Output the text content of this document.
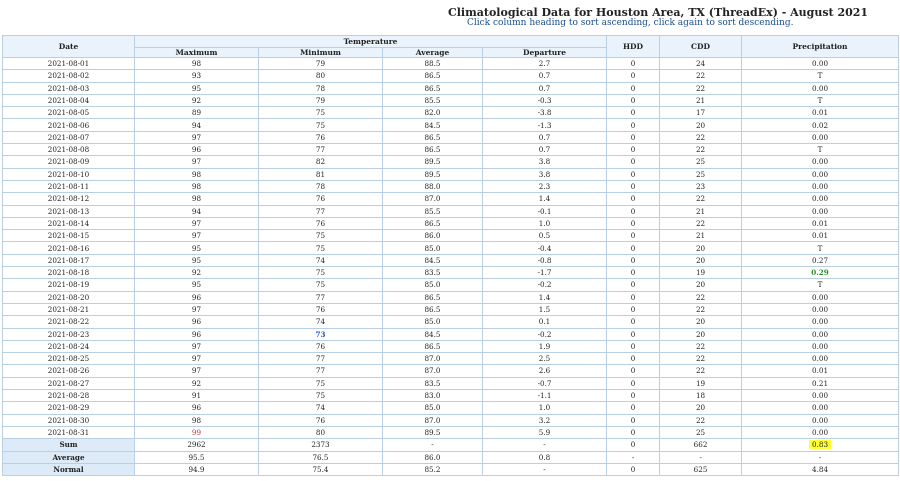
Climatological Data for Houston Area, TX (ThreadEx) - August 2021
Click column heading to sort ascending, click again to sort descending.
Date	Temperature				HDD	CDD	Precipitation
	Maximum	Minimum	Average	Departure			
2021-08-01	98	79	88.5	2.7	0	24	0.00
2021-08-02	93	80	86.5	0.7	0	22	T
2021-08-03	95	78	86.5	0.7	0	22	0.00
2021-08-04	92	79	85.5	-0.3	0	21	T
2021-08-05	89	75	82.0	-3.8	0	17	0.01
2021-08-06	94	75	84.5	-1.3	0	20	0.02
2021-08-07	97	76	86.5	0.7	0	22	0.00
2021-08-08	96	77	86.5	0.7	0	22	T
2021-08-09	97	82	89.5	3.8	0	25	0.00
2021-08-10	98	81	89.5	3.8	0	25	0.00
2021-08-11	98	78	88.0	2.3	0	23	0.00
2021-08-12	98	76	87.0	1.4	0	22	0.00
2021-08-13	94	77	85.5	-0.1	0	21	0.00
2021-08-14	97	76	86.5	1.0	0	22	0.01
2021-08-15	97	75	86.0	0.5	0	21	0.01
2021-08-16	95	75	85.0	-0.4	0	20	T
2021-08-17	95	74	84.5	-0.8	0	20	0.27
2021-08-18	92	75	83.5	-1.7	0	19	0.29
2021-08-19	95	75	85.0	-0.2	0	20	T
2021-08-20	96	77	86.5	1.4	0	22	0.00
2021-08-21	97	76	86.5	1.5	0	22	0.00
2021-08-22	96	74	85.0	0.1	0	20	0.00
2021-08-23	96	73	84.5	-0.2	0	20	0.00
2021-08-24	97	76	86.5	1.9	0	22	0.00
2021-08-25	97	77	87.0	2.5	0	22	0.00
2021-08-26	97	77	87.0	2.6	0	22	0.01
2021-08-27	92	75	83.5	-0.7	0	19	0.21
2021-08-28	91	75	83.0	-1.1	0	18	0.00
2021-08-29	96	74	85.0	1.0	0	20	0.00
2021-08-30	98	76	87.0	3.2	0	22	0.00
2021-08-31	99	80	89.5	5.9	0	25	0.00
Sum	2962	2373	-	-	0	662	0.83
Average	95.5	76.5	86.0	0.8	-	-	-
Normal	94.9	75.4	85.2	-	0	625	4.84
